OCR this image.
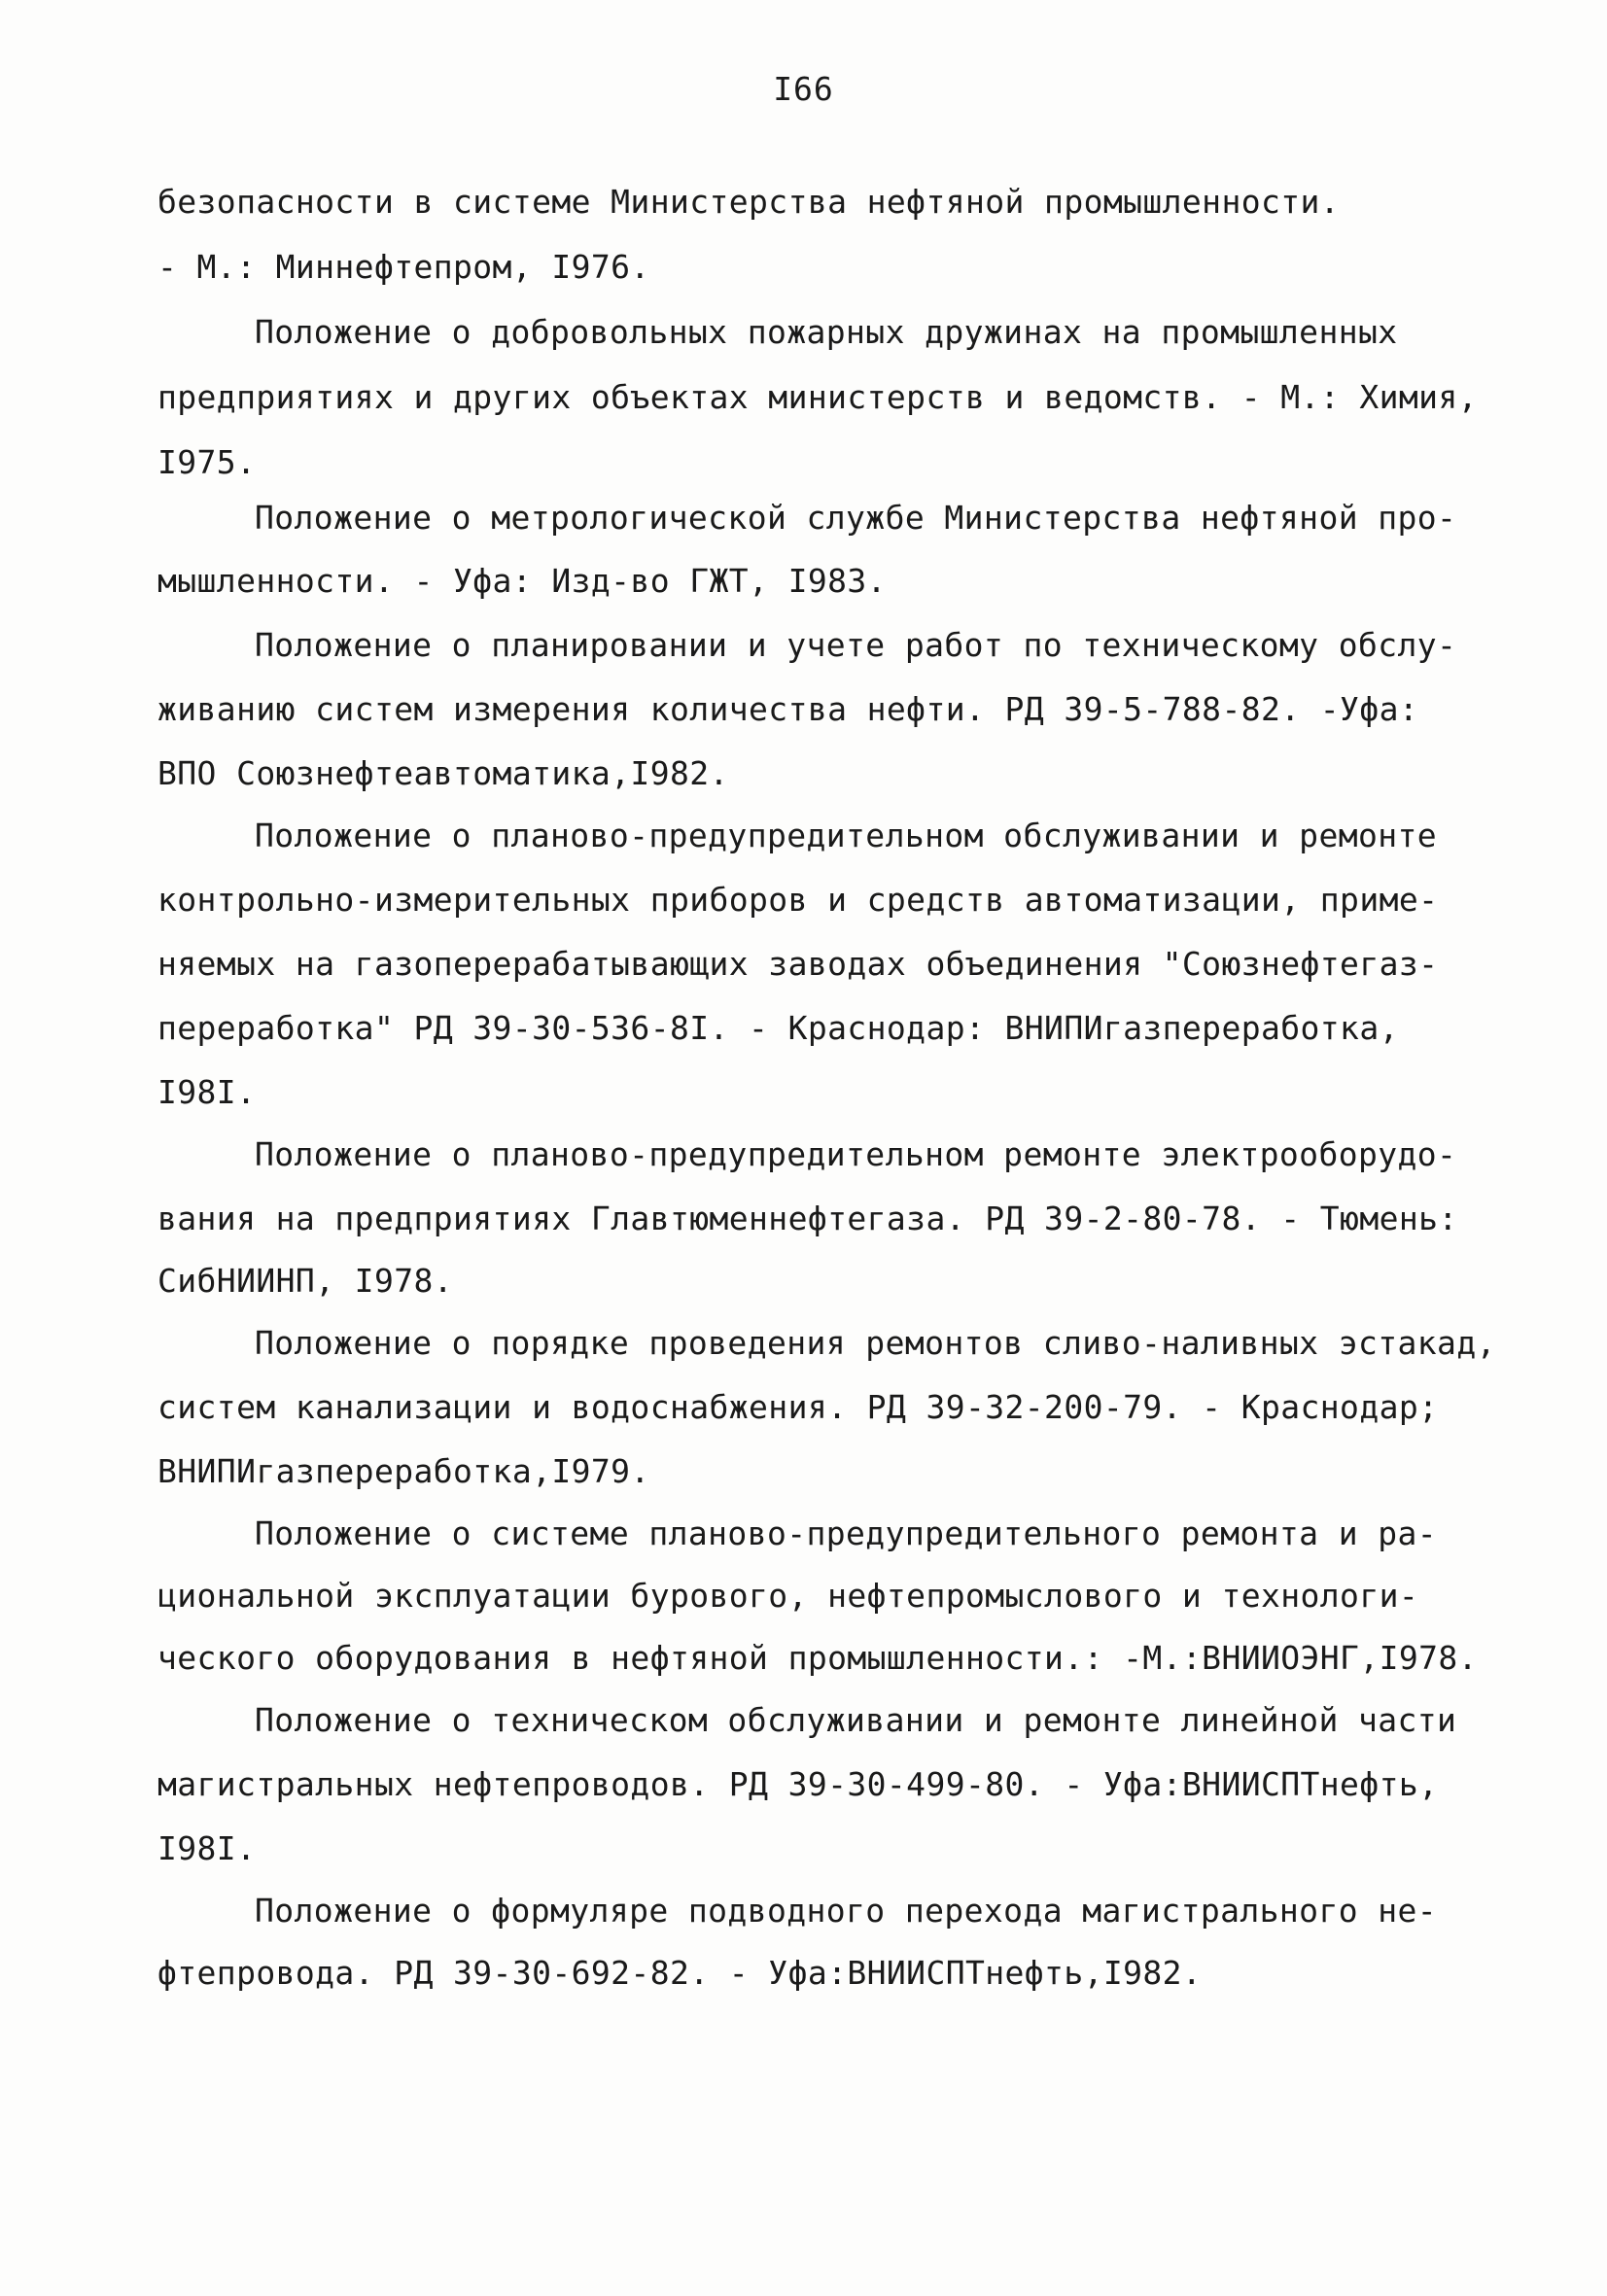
I66
безопасности в системе Министерства нефтяной промышленности.
- М.: Миннефтепром, I976.
Положение о добровольных пожарных дружинах на промышленных
предприятиях и других объектах министерств и ведомств. - М.: Химия,
I975.
Положение о метрологической службе Министерства нефтяной про-
мышленности. - Уфа: Изд-во ГЖТ, I983.
Положение о планировании и учете работ по техническому обслу-
живанию систем измерения количества нефти. РД 39-5-788-82. -Уфа:
ВПО Союзнефтеавтоматика,I982.
Положение о планово-предупредительном обслуживании и ремонте
контрольно-измерительных приборов и средств автоматизации, приме-
няемых на газоперерабатывающих заводах объединения "Союзнефтегаз-
переработка" РД 39-30-536-8I. - Краснодар: ВНИПИгазпереработка,
I98I.
Положение о планово-предупредительном ремонте электрооборудо-
вания на предприятиях Главтюменнефтегаза. РД 39-2-80-78. - Тюмень:
СибНИИНП, I978.
Положение о порядке проведения ремонтов сливо-наливных эстакад,
систем канализации и водоснабжения. РД 39-32-200-79. - Краснодар;
ВНИПИгазпереработка,I979.
Положение о системе планово-предупредительного ремонта и ра-
циональной эксплуатации бурового, нефтепромыслового и технологи-
ческого оборудования в нефтяной промышленности.: -М.:ВНИИОЭНГ,I978.
Положение о техническом обслуживании и ремонте линейной части
магистральных нефтепроводов. РД 39-30-499-80. - Уфа:ВНИИСПТнефть,
I98I.
Положение о формуляре подводного перехода магистрального не-
фтепровода. РД 39-30-692-82. - Уфа:ВНИИСПТнефть,I982.
